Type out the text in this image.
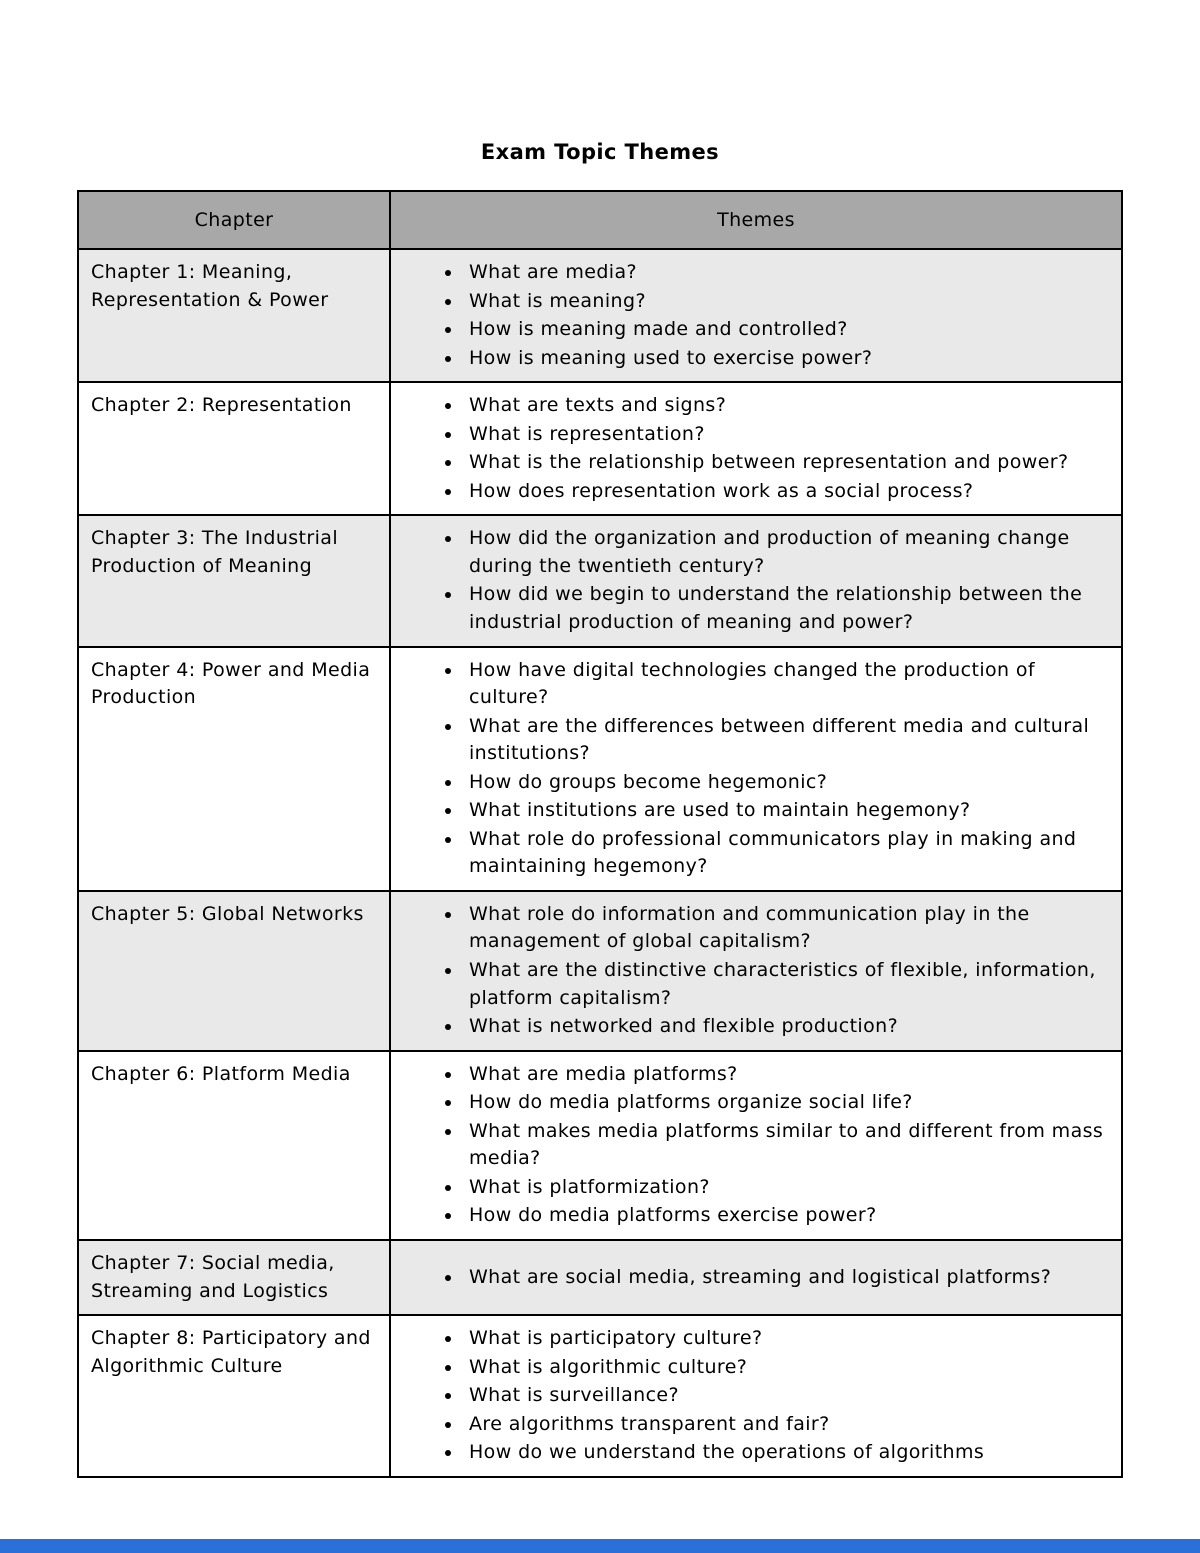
Exam Topic Themes
Chapter	Themes
Chapter 1: Meaning, Representation & Power	
• What are media?
• What is meaning?
• How is meaning made and controlled?
• How is meaning used to exercise power?

Chapter 2: Representation	
•What are texts and signs?
• What is representation?
• What is the relationship between representation and power?
• How does representation work as a social process?

Chapter 3: The Industrial Production of Meaning	
• How did the organization and production of meaning change during the twentieth century?
• How did we begin to understand the relationship between the industrial production of meaning and power?

Chapter 4: Power and Media Production	
• How have digital technologies changed the production of culture?
• What are the differences between different media and cultural institutions?
• How do groups become hegemonic?
• What institutions are used to maintain hegemony?
• What role do professional communicators play in making and maintaining hegemony?

Chapter 5: Global Networks	
•What role do information and communication play in the management of global capitalism?
• What are the distinctive characteristics of flexible, information, platform capitalism?
• What is networked and flexible production?

Chapter 6: Platform Media	
•What are media platforms?
• How do media platforms organize social life?
• What makes media platforms similar to and different from mass media?
• What is platformization?
• How do media platforms exercise power?

Chapter 7: Social media, Streaming and Logistics	
• What are social media, streaming and logistical platforms?

Chapter 8: Participatory and Algorithmic Culture	
• What is participatory culture?
• What is algorithmic culture?
• What is surveillance?
• Are algorithms transparent and fair?
• How do we understand the operations of algorithms
